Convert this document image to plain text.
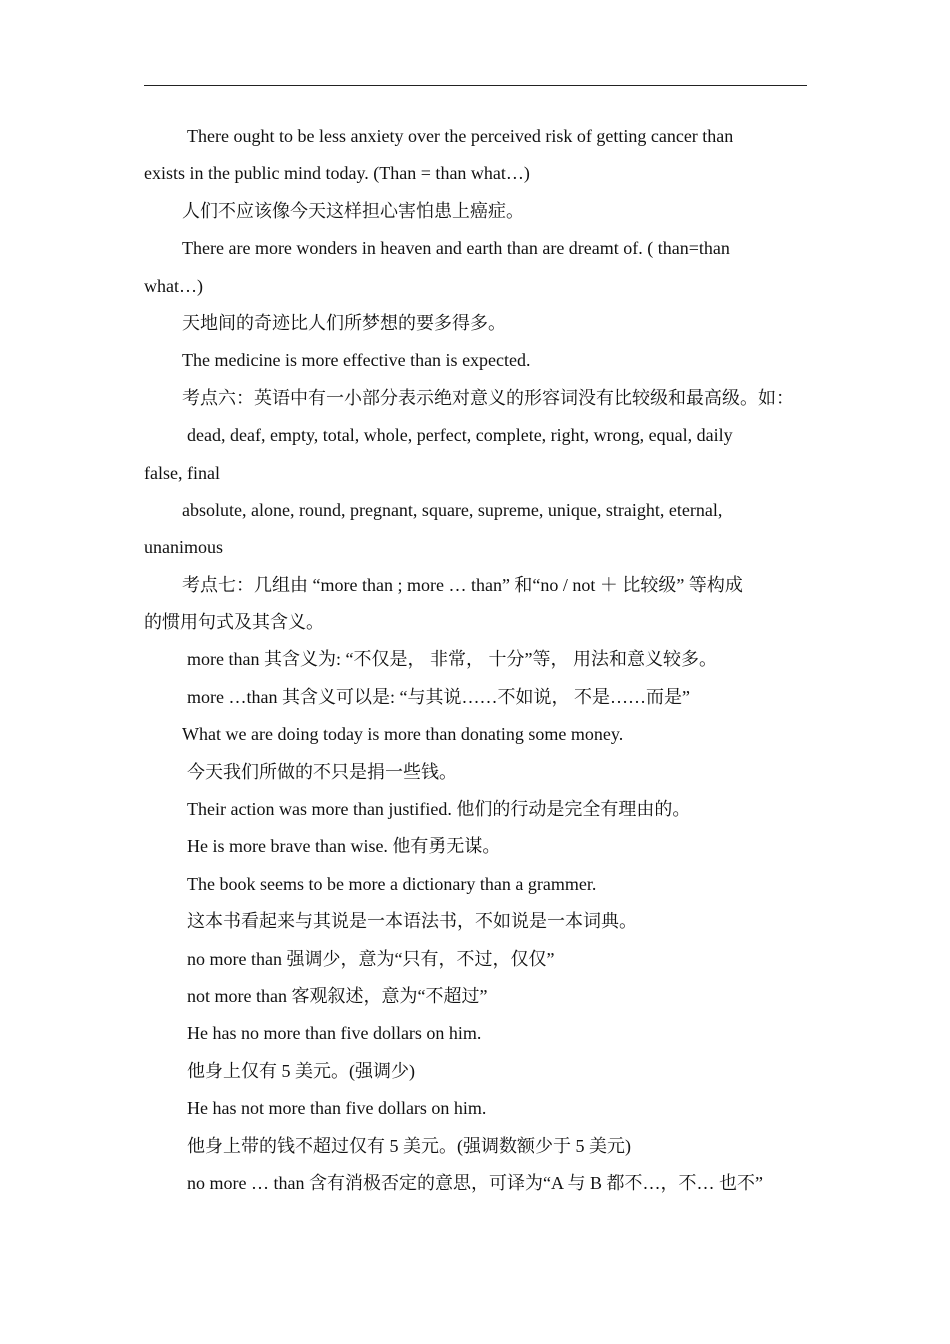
There ought to be less anxiety over the perceived risk of getting cancer than
exists in the public mind today. (Than = than what…)
人们不应该像今天这样担心害怕患上癌症。
There are more wonders in heaven and earth than are dreamt of. ( than=than
what…)
天地间的奇迹比人们所梦想的要多得多。
The medicine is more effective than is expected.
考点六：英语中有一小部分表示绝对意义的形容词没有比较级和最高级。如：
dead, deaf, empty, total, whole, perfect, complete, right, wrong, equal, daily
false, final
absolute, alone, round, pregnant, square, supreme, unique, straight, eternal,
unanimous
考点七：几组由 “more than ; more … than” 和“no / not ＋ 比较级” 等构成
的惯用句式及其含义。
more than 其含义为: “不仅是， 非常， 十分”等， 用法和意义较多。
more …than 其含义可以是: “与其说……不如说， 不是……而是”
What we are doing today is more than donating some money.
今天我们所做的不只是捐一些钱。
Their action was more than justified. 他们的行动是完全有理由的。
He is more brave than wise. 他有勇无谋。
The book seems to be more a dictionary than a grammer.
这本书看起来与其说是一本语法书，不如说是一本词典。
no more than 强调少，意为“只有，不过，仅仅”
not more than 客观叙述，意为“不超过”
He has no more than five dollars on him.
他身上仅有 5 美元。(强调少)
He has not more than five dollars on him.
他身上带的钱不超过仅有 5 美元。(强调数额少于 5 美元)
no more … than 含有消极否定的意思，可译为“A 与 B 都不…，不… 也不”
